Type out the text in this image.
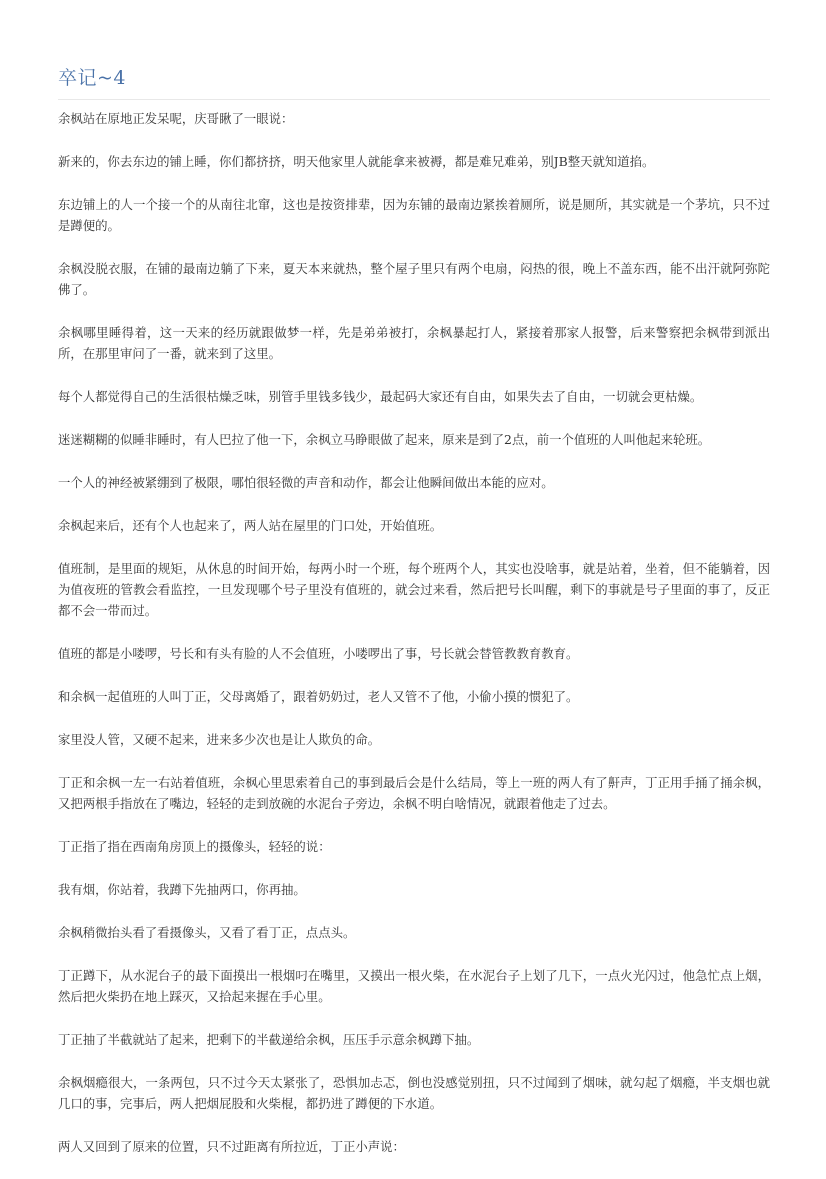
卒记~4

余枫站在原地正发呆呢，庆哥瞅了一眼说：

新来的，你去东边的铺上睡，你们都挤挤，明天他家里人就能拿来被褥，都是难兄难弟，别JB整天就知道掐。

东边铺上的人一个接一个的从南往北窜，这也是按资排辈，因为东铺的最南边紧挨着厕所，说是厕所，其实就是一个茅坑，只不过是蹲便的。

余枫没脱衣服，在铺的最南边躺了下来，夏天本来就热，整个屋子里只有两个电扇，闷热的很，晚上不盖东西，能不出汗就阿弥陀佛了。

余枫哪里睡得着，这一天来的经历就跟做梦一样，先是弟弟被打，余枫暴起打人，紧接着那家人报警，后来警察把余枫带到派出所，在那里审问了一番，就来到了这里。

每个人都觉得自己的生活很枯燥乏味，别管手里钱多钱少，最起码大家还有自由，如果失去了自由，一切就会更枯燥。

迷迷糊糊的似睡非睡时，有人巴拉了他一下，余枫立马睁眼做了起来，原来是到了2点，前一个值班的人叫他起来轮班。

一个人的神经被紧绷到了极限，哪怕很轻微的声音和动作，都会让他瞬间做出本能的应对。

余枫起来后，还有个人也起来了，两人站在屋里的门口处，开始值班。

值班制，是里面的规矩，从休息的时间开始，每两小时一个班，每个班两个人，其实也没啥事，就是站着，坐着，但不能躺着，因为值夜班的管教会看监控，一旦发现哪个号子里没有值班的，就会过来看，然后把号长叫醒，剩下的事就是号子里面的事了，反正都不会一带而过。

值班的都是小喽啰，号长和有头有脸的人不会值班，小喽啰出了事，号长就会替管教教育教育。

和余枫一起值班的人叫丁正，父母离婚了，跟着奶奶过，老人又管不了他，小偷小摸的惯犯了。

家里没人管，又硬不起来，进来多少次也是让人欺负的命。

丁正和余枫一左一右站着值班，余枫心里思索着自己的事到最后会是什么结局，等上一班的两人有了鼾声，丁正用手捅了捅余枫，又把两根手指放在了嘴边，轻轻的走到放碗的水泥台子旁边，余枫不明白啥情况，就跟着他走了过去。

丁正指了指在西南角房顶上的摄像头，轻轻的说：

我有烟，你站着，我蹲下先抽两口，你再抽。

余枫稍微抬头看了看摄像头，又看了看丁正，点点头。

丁正蹲下，从水泥台子的最下面摸出一根烟叼在嘴里，又摸出一根火柴，在水泥台子上划了几下，一点火光闪过，他急忙点上烟，然后把火柴扔在地上踩灭，又拾起来握在手心里。

丁正抽了半截就站了起来，把剩下的半截递给余枫，压压手示意余枫蹲下抽。

余枫烟瘾很大，一条两包，只不过今天太紧张了，恐惧加忐忑，倒也没感觉别扭，只不过闻到了烟味，就勾起了烟瘾，半支烟也就几口的事，完事后，两人把烟屁股和火柴棍，都扔进了蹲便的下水道。

两人又回到了原来的位置，只不过距离有所拉近，丁正小声说：
